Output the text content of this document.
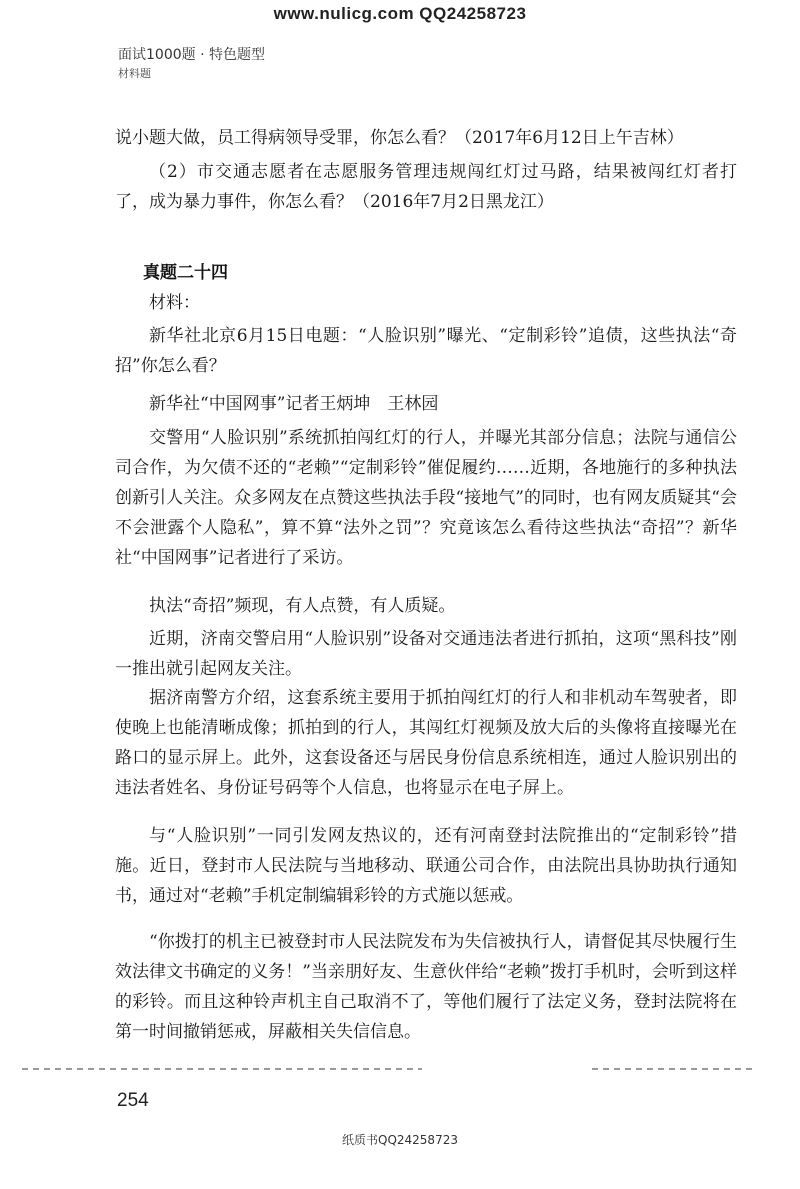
www.nulicg.com QQ24258723
面试1000题 · 特色题型
材料题

说小题大做，员工得病领导受罪，你怎么看？（2017年6月12日上午吉林）

（2）市交通志愿者在志愿服务管理违规闯红灯过马路，结果被闯红灯者打了，成为暴力事件，你怎么看？（2016年7月2日黑龙江）

真题二十四

材料：

新华社北京6月15日电题：“人脸识别”曝光、“定制彩铃”追债，这些执法“奇招”你怎么看？

新华社“中国网事”记者王炳坤　王林园

交警用“人脸识别”系统抓拍闯红灯的行人，并曝光其部分信息；法院与通信公司合作，为欠债不还的“老赖”“定制彩铃”催促履约……近期，各地施行的多种执法创新引人关注。众多网友在点赞这些执法手段“接地气”的同时，也有网友质疑其“会不会泄露个人隐私”，算不算“法外之罚”？究竟该怎么看待这些执法“奇招”？新华社“中国网事”记者进行了采访。

执法“奇招”频现，有人点赞，有人质疑。

近期，济南交警启用“人脸识别”设备对交通违法者进行抓拍，这项“黑科技”刚一推出就引起网友关注。

据济南警方介绍，这套系统主要用于抓拍闯红灯的行人和非机动车驾驶者，即使晚上也能清晰成像；抓拍到的行人，其闯红灯视频及放大后的头像将直接曝光在路口的显示屏上。此外，这套设备还与居民身份信息系统相连，通过人脸识别出的违法者姓名、身份证号码等个人信息，也将显示在电子屏上。

与“人脸识别”一同引发网友热议的，还有河南登封法院推出的“定制彩铃”措施。近日，登封市人民法院与当地移动、联通公司合作，由法院出具协助执行通知书，通过对“老赖”手机定制编辑彩铃的方式施以惩戒。

“你拨打的机主已被登封市人民法院发布为失信被执行人，请督促其尽快履行生效法律文书确定的义务！”当亲朋好友、生意伙伴给“老赖”拨打手机时，会听到这样的彩铃。而且这种铃声机主自己取消不了，等他们履行了法定义务，登封法院将在第一时间撤销惩戒，屏蔽相关失信信息。

254
纸质书QQ24258723
